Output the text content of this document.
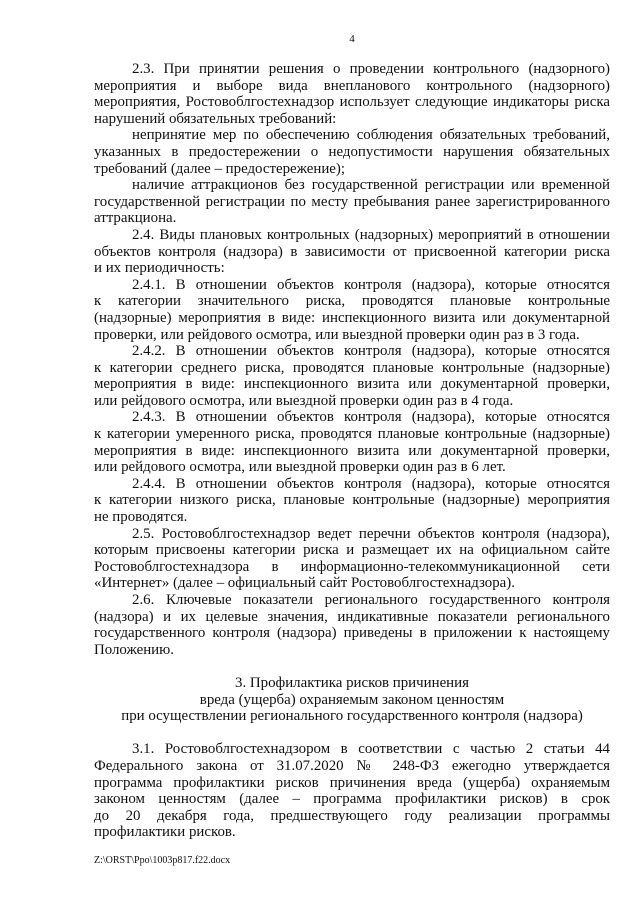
4
2.3. При принятии решения о проведении контрольного (надзорного)
мероприятия и выборе вида внепланового контрольного (надзорного)
мероприятия, Ростовоблгостехнадзор использует следующие индикаторы риска
нарушений обязательных требований:
непринятие мер по обеспечению соблюдения обязательных требований,
указанных в предостережении о недопустимости нарушения обязательных
требований (далее – предостережение);
наличие аттракционов без государственной регистрации или временной
государственной регистрации по месту пребывания ранее зарегистрированного
аттракциона.
2.4. Виды плановых контрольных (надзорных) мероприятий в отношении
объектов контроля (надзора) в зависимости от присвоенной категории риска
и их периодичность:
2.4.1. В отношении объектов контроля (надзора), которые относятся
к категории значительного риска, проводятся плановые контрольные
(надзорные) мероприятия в виде: инспекционного визита или документарной
проверки, или рейдового осмотра, или выездной проверки один раз в 3 года.
2.4.2. В отношении объектов контроля (надзора), которые относятся
к категории среднего риска, проводятся плановые контрольные (надзорные)
мероприятия в виде: инспекционного визита или документарной проверки,
или рейдового осмотра, или выездной проверки один раз в 4 года.
2.4.3. В отношении объектов контроля (надзора), которые относятся
к категории умеренного риска, проводятся плановые контрольные (надзорные)
мероприятия в виде: инспекционного визита или документарной проверки,
или рейдового осмотра, или выездной проверки один раз в 6 лет.
2.4.4. В отношении объектов контроля (надзора), которые относятся
к категории низкого риска, плановые контрольные (надзорные) мероприятия
не проводятся.
2.5. Ростовоблгостехнадзор ведет перечни объектов контроля (надзора),
которым присвоены категории риска и размещает их на официальном сайте
Ростовоблгостехнадзора в информационно-телекоммуникационной сети
«Интернет» (далее – официальный сайт Ростовоблгостехнадзора).
2.6. Ключевые показатели регионального государственного контроля
(надзора) и их целевые значения, индикативные показатели регионального
государственного контроля (надзора) приведены в приложении к настоящему
Положению.
3. Профилактика рисков причинения
вреда (ущерба) охраняемым законом ценностям
при осуществлении регионального государственного контроля (надзора)
3.1. Ростовоблгостехнадзором в соответствии с частью 2 статьи 44
Федерального закона от 31.07.2020 № 248-ФЗ ежегодно утверждается
программа профилактики рисков причинения вреда (ущерба) охраняемым
законом ценностям (далее – программа профилактики рисков) в срок
до 20 декабря года, предшествующего году реализации программы
профилактики рисков.
Z:\ORST\Ppo\1003p817.f22.docx
